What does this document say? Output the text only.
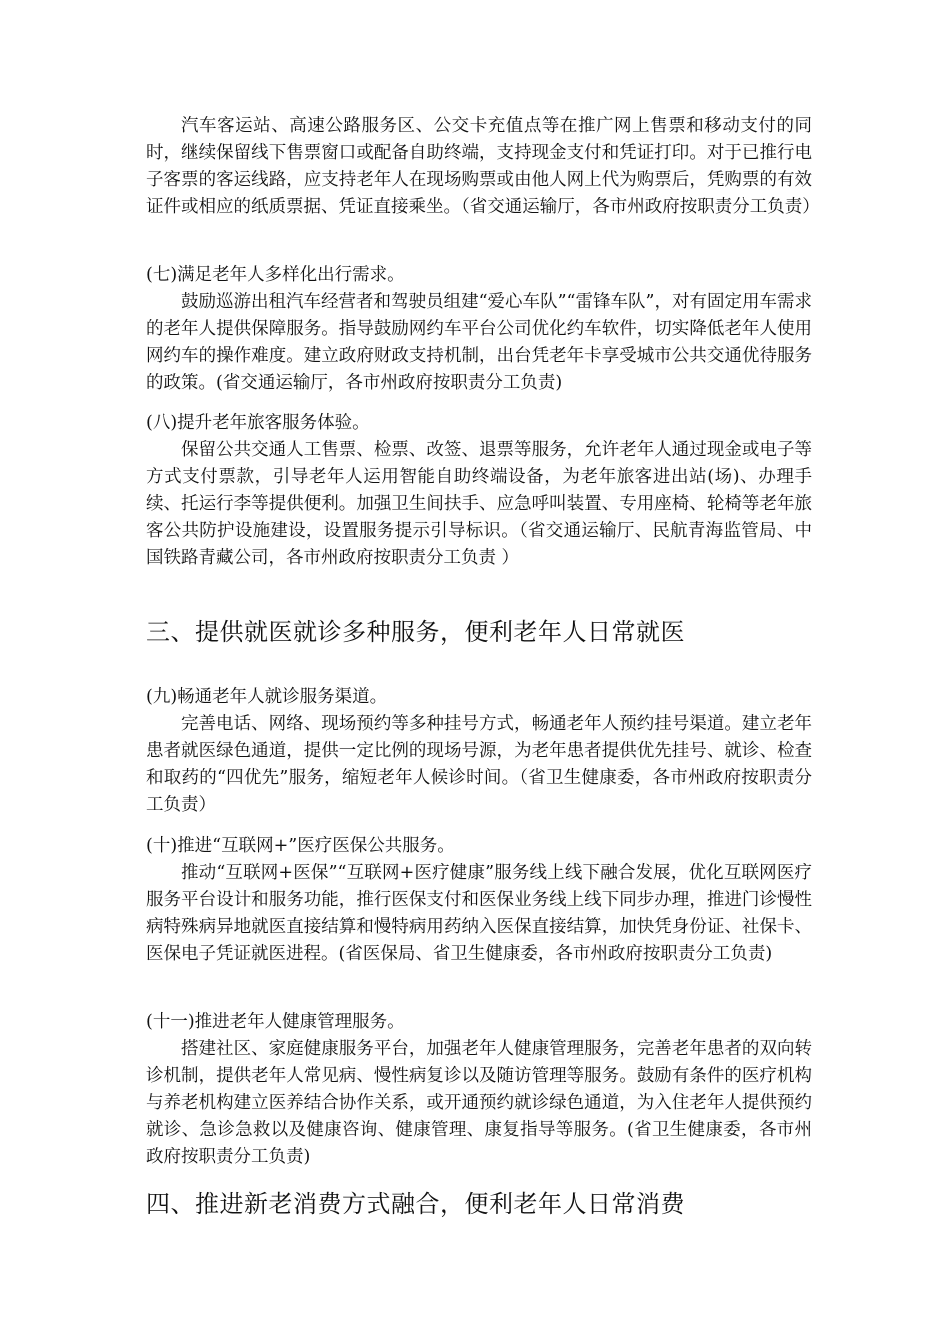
汽车客运站、高速公路服务区、公交卡充值点等在推广网上售票和移动支付的同时，继续保留线下售票窗口或配备自助终端，支持现金支付和凭证打印。对于已推行电子客票的客运线路，应支持老年人在现场购票或由他人网上代为购票后，凭购票的有效证件或相应的纸质票据、凭证直接乘坐。（省交通运输厅，各市州政府按职责分工负责）

(七)满足老年人多样化出行需求。

鼓励巡游出租汽车经营者和驾驶员组建“爱心车队”“雷锋车队”，对有固定用车需求的老年人提供保障服务。指导鼓励网约车平台公司优化约车软件，切实降低老年人使用网约车的操作难度。建立政府财政支持机制，出台凭老年卡享受城市公共交通优待服务的政策。(省交通运输厅，各市州政府按职责分工负责)

(八)提升老年旅客服务体验。

保留公共交通人工售票、检票、改签、退票等服务，允许老年人通过现金或电子等方式支付票款，引导老年人运用智能自助终端设备，为老年旅客进出站(场)、办理手续、托运行李等提供便利。加强卫生间扶手、应急呼叫装置、专用座椅、轮椅等老年旅客公共防护设施建设，设置服务提示引导标识。（省交通运输厅、民航青海监管局、中国铁路青藏公司，各市州政府按职责分工负责 ）

三、提供就医就诊多种服务，便利老年人日常就医

(九)畅通老年人就诊服务渠道。

完善电话、网络、现场预约等多种挂号方式，畅通老年人预约挂号渠道。建立老年患者就医绿色通道，提供一定比例的现场号源，为老年患者提供优先挂号、就诊、检查和取药的“四优先”服务，缩短老年人候诊时间。（省卫生健康委，各市州政府按职责分工负责）

(十)推进“互联网+”医疗医保公共服务。

推动“互联网+医保”“互联网+医疗健康”服务线上线下融合发展，优化互联网医疗服务平台设计和服务功能，推行医保支付和医保业务线上线下同步办理，推进门诊慢性病特殊病异地就医直接结算和慢特病用药纳入医保直接结算，加快凭身份证、社保卡、医保电子凭证就医进程。(省医保局、省卫生健康委，各市州政府按职责分工负责)

(十一)推进老年人健康管理服务。

搭建社区、家庭健康服务平台，加强老年人健康管理服务，完善老年患者的双向转诊机制，提供老年人常见病、慢性病复诊以及随访管理等服务。鼓励有条件的医疗机构与养老机构建立医养结合协作关系，或开通预约就诊绿色通道，为入住老年人提供预约就诊、急诊急救以及健康咨询、健康管理、康复指导等服务。(省卫生健康委，各市州政府按职责分工负责)

四、推进新老消费方式融合，便利老年人日常消费
